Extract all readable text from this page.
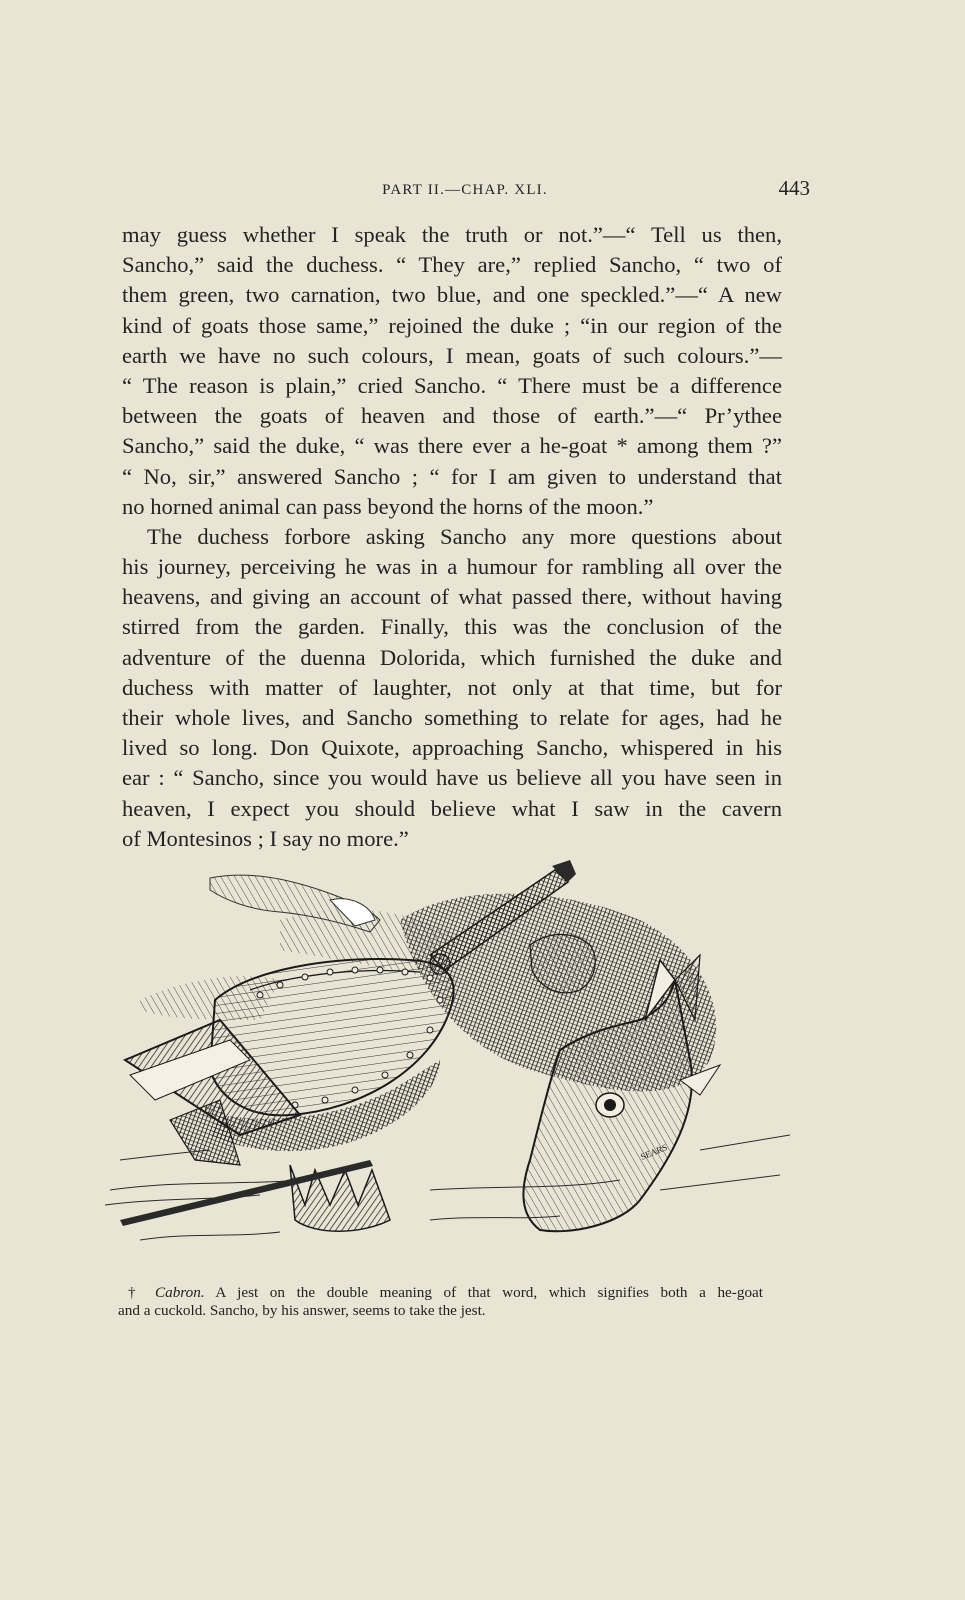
PART II.—CHAP. XLI.	443
may guess whether I speak the truth or not.”—“ Tell us then,
Sancho,” said the duchess. “ They are,” replied Sancho, “ two of
them green, two carnation, two blue, and one speckled.”—“ A new
kind of goats those same,” rejoined the duke ; “in our region of the
earth we have no such colours, I mean, goats of such colours.”—
“ The reason is plain,” cried Sancho. “ There must be a difference
between the goats of heaven and those of earth.”—“ Pr’ythee
Sancho,” said the duke, “ was there ever a he-goat * among them ?”
“ No, sir,” answered Sancho ; “ for I am given to understand that
no horned animal can pass beyond the horns of the moon.”
The duchess forbore asking Sancho any more questions about
his journey, perceiving he was in a humour for rambling all over the
heavens, and giving an account of what passed there, without having
stirred from the garden. Finally, this was the conclusion of the
adventure of the duenna Dolorida, which furnished the duke and
duchess with matter of laughter, not only at that time, but for
their whole lives, and Sancho something to relate for ages, had he
lived so long. Don Quixote, approaching Sancho, whispered in his
ear : “ Sancho, since you would have us believe all you have seen in
heaven, I expect you should believe what I saw in the cavern
of Montesinos ; I say no more.”
SEARS
† Cabron. A jest on the double meaning of that word, which signifies both a he-goat
and a cuckold. Sancho, by his answer, seems to take the jest.
